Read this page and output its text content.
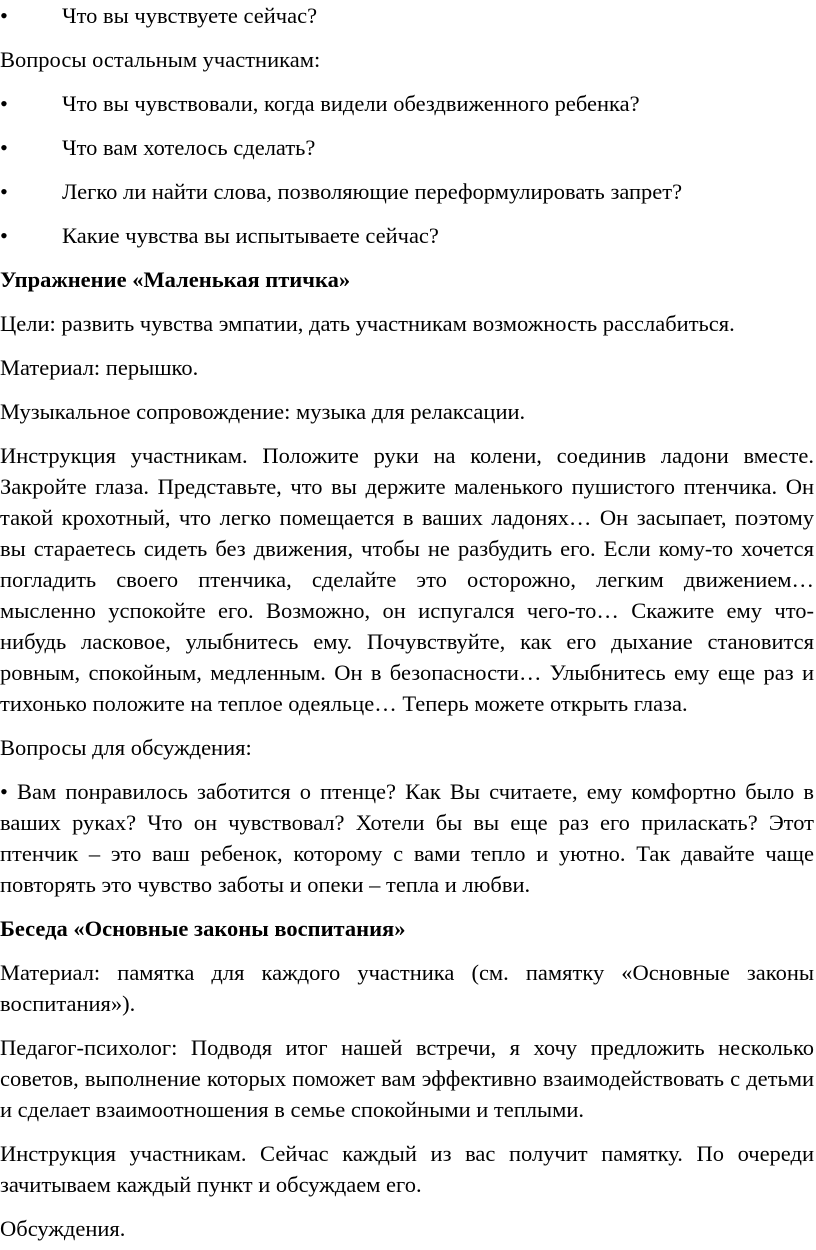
• Что вы чувствуете сейчас?

Вопросы остальным участникам:

• Что вы чувствовали, когда видели обездвиженного ребенка?
• Что вам хотелось сделать?
• Легко ли найти слова, позволяющие переформулировать запрет?
• Какие чувства вы испытываете сейчас?

Упражнение «Маленькая птичка»

Цели: развить чувства эмпатии, дать участникам возможность расслабиться.

Материал: перышко.

Музыкальное сопровождение: музыка для релаксации.

Инструкция участникам. Положите руки на колени, соединив ладони вместе. Закройте глаза. Представьте, что вы держите маленького пушистого птенчика. Он такой крохотный, что легко помещается в ваших ладонях… Он засыпает, поэтому вы стараетесь сидеть без движения, чтобы не разбудить его. Если кому-то хочется погладить своего птенчика, сделайте это осторожно, легким движением… мысленно успокойте его. Возможно, он испугался чего-то… Скажите ему что-нибудь ласковое, улыбнитесь ему. Почувствуйте, как его дыхание становится ровным, спокойным, медленным. Он в безопасности… Улыбнитесь ему еще раз и тихонько положите на теплое одеяльце… Теперь можете открыть глаза.

Вопросы для обсуждения:

• Вам понравилось заботится о птенце? Как Вы считаете, ему комфортно было в ваших руках? Что он чувствовал? Хотели бы вы еще раз его приласкать? Этот птенчик – это ваш ребенок, которому с вами тепло и уютно. Так давайте чаще повторять это чувство заботы и опеки – тепла и любви.

Беседа «Основные законы воспитания»

Материал: памятка для каждого участника (см. памятку «Основные законы воспитания»).

Педагог-психолог: Подводя итог нашей встречи, я хочу предложить несколько советов, выполнение которых поможет вам эффективно взаимодействовать с детьми и сделает взаимоотношения в семье спокойными и теплыми.

Инструкция участникам. Сейчас каждый из вас получит памятку. По очереди зачитываем каждый пункт и обсуждаем его.

Обсуждения.
